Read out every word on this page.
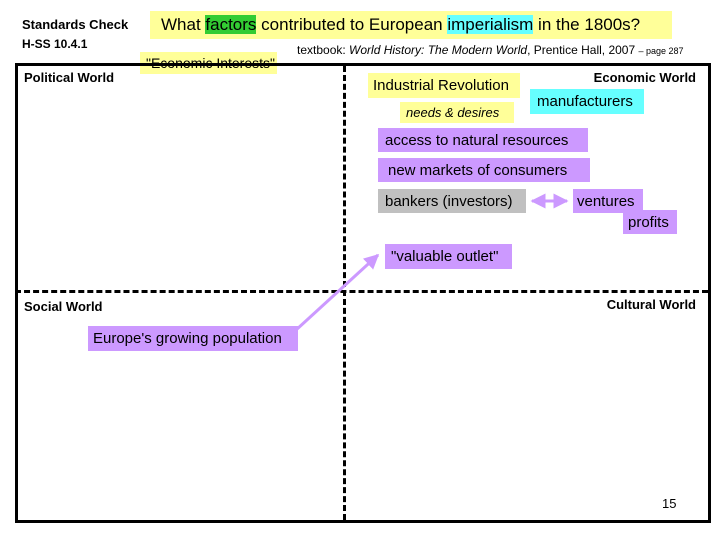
Standards Check
H-SS 10.4.1
What factors contributed to European imperialism in the 1800s?
textbook: World History: The Modern World, Prentice Hall, 2007 – page 287
"Economic Interests"
Political World	Economic World
Social World	Cultural World
Industrial Revolution
needs & desires
manufacturers
access to natural resources
new markets of consumers
bankers (investors)	ventures
profits
"valuable outlet"
Europe's growing population
15
